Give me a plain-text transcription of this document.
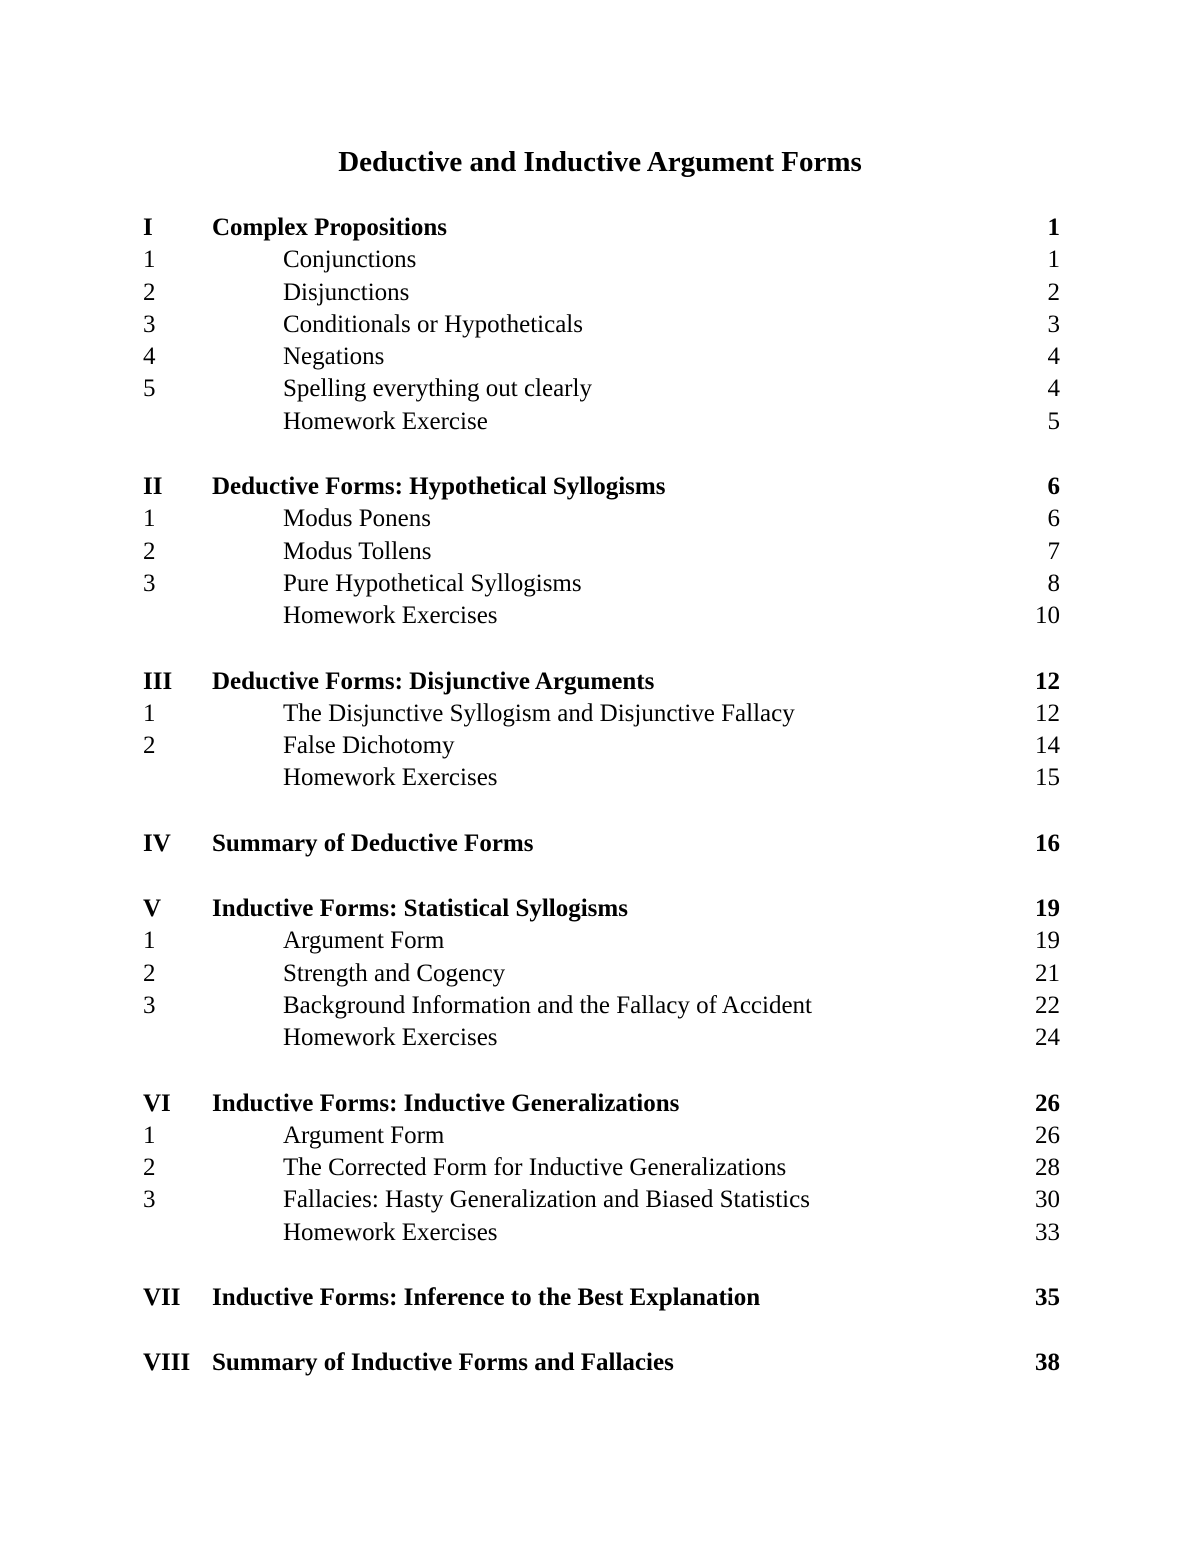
Deductive and Inductive Argument Forms
I Complex Propositions	1
1	Conjunctions	1
2	Disjunctions	2
3	Conditionals or Hypotheticals	3
4	Negations	4
5	Spelling everything out clearly	4
Homework Exercise	5
II Deductive Forms: Hypothetical Syllogisms	6
1	Modus Ponens	6
2	Modus Tollens	7
3	Pure Hypothetical Syllogisms	8
Homework Exercises	10
III Deductive Forms: Disjunctive Arguments	12
1	The Disjunctive Syllogism and Disjunctive Fallacy	12
2	False Dichotomy	14
Homework Exercises	15
IV Summary of Deductive Forms	16
V Inductive Forms: Statistical Syllogisms	19
1	Argument Form	19
2	Strength and Cogency	21
3	Background Information and the Fallacy of Accident	22
Homework Exercises	24
VI Inductive Forms: Inductive Generalizations	26
1	Argument Form	26
2	The Corrected Form for Inductive Generalizations	28
3	Fallacies: Hasty Generalization and Biased Statistics	30
Homework Exercises	33
VII Inductive Forms: Inference to the Best Explanation	35
VIII Summary of Inductive Forms and Fallacies	38
